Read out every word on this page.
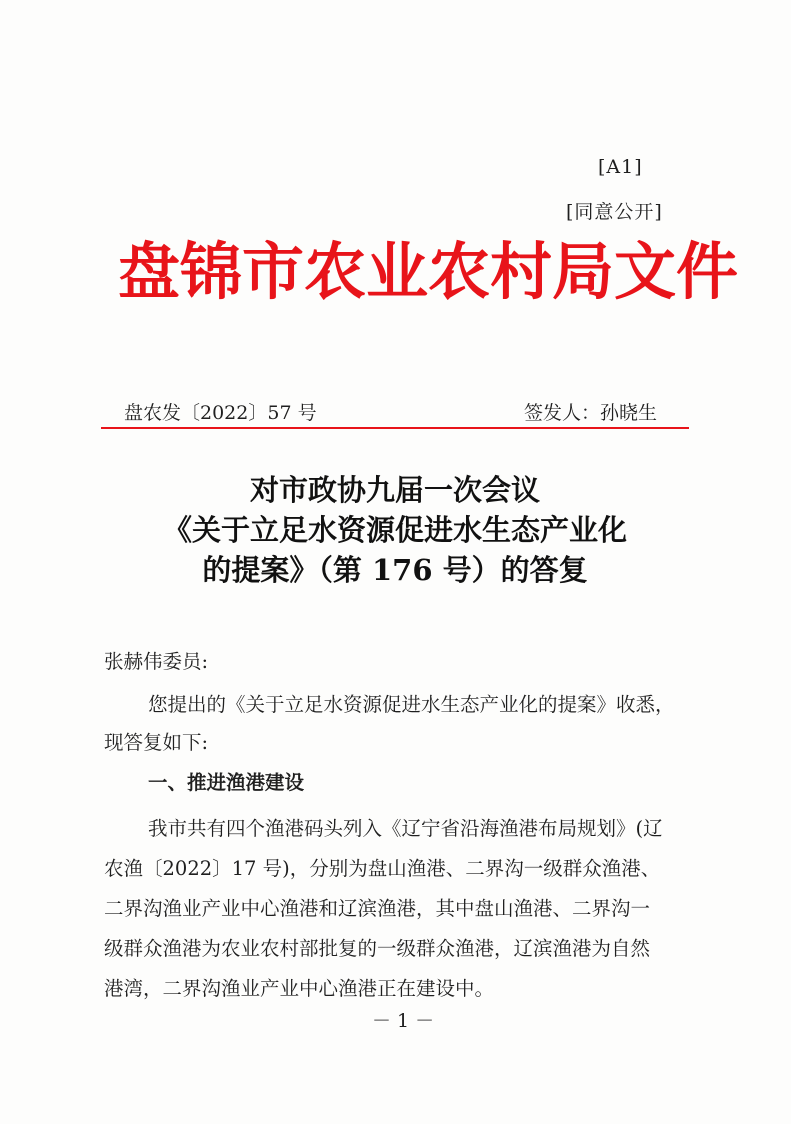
[A1]
[同意公开]
盘锦市农业农村局文件
盘农发〔2022〕57 号	签发人：孙晓生
对市政协九届一次会议
《关于立足水资源促进水生态产业化
的提案》（第 176 号）的答复
张赫伟委员:
您提出的《关于立足水资源促进水生态产业化的提案》收悉，
现答复如下:
一、推进渔港建设
我市共有四个渔港码头列入《辽宁省沿海渔港布局规划》(辽
农渔〔2022〕17 号)，分别为盘山渔港、二界沟一级群众渔港、
二界沟渔业产业中心渔港和辽滨渔港，其中盘山渔港、二界沟一
级群众渔港为农业农村部批复的一级群众渔港，辽滨渔港为自然
港湾，二界沟渔业产业中心渔港正在建设中。
－ 1 －
